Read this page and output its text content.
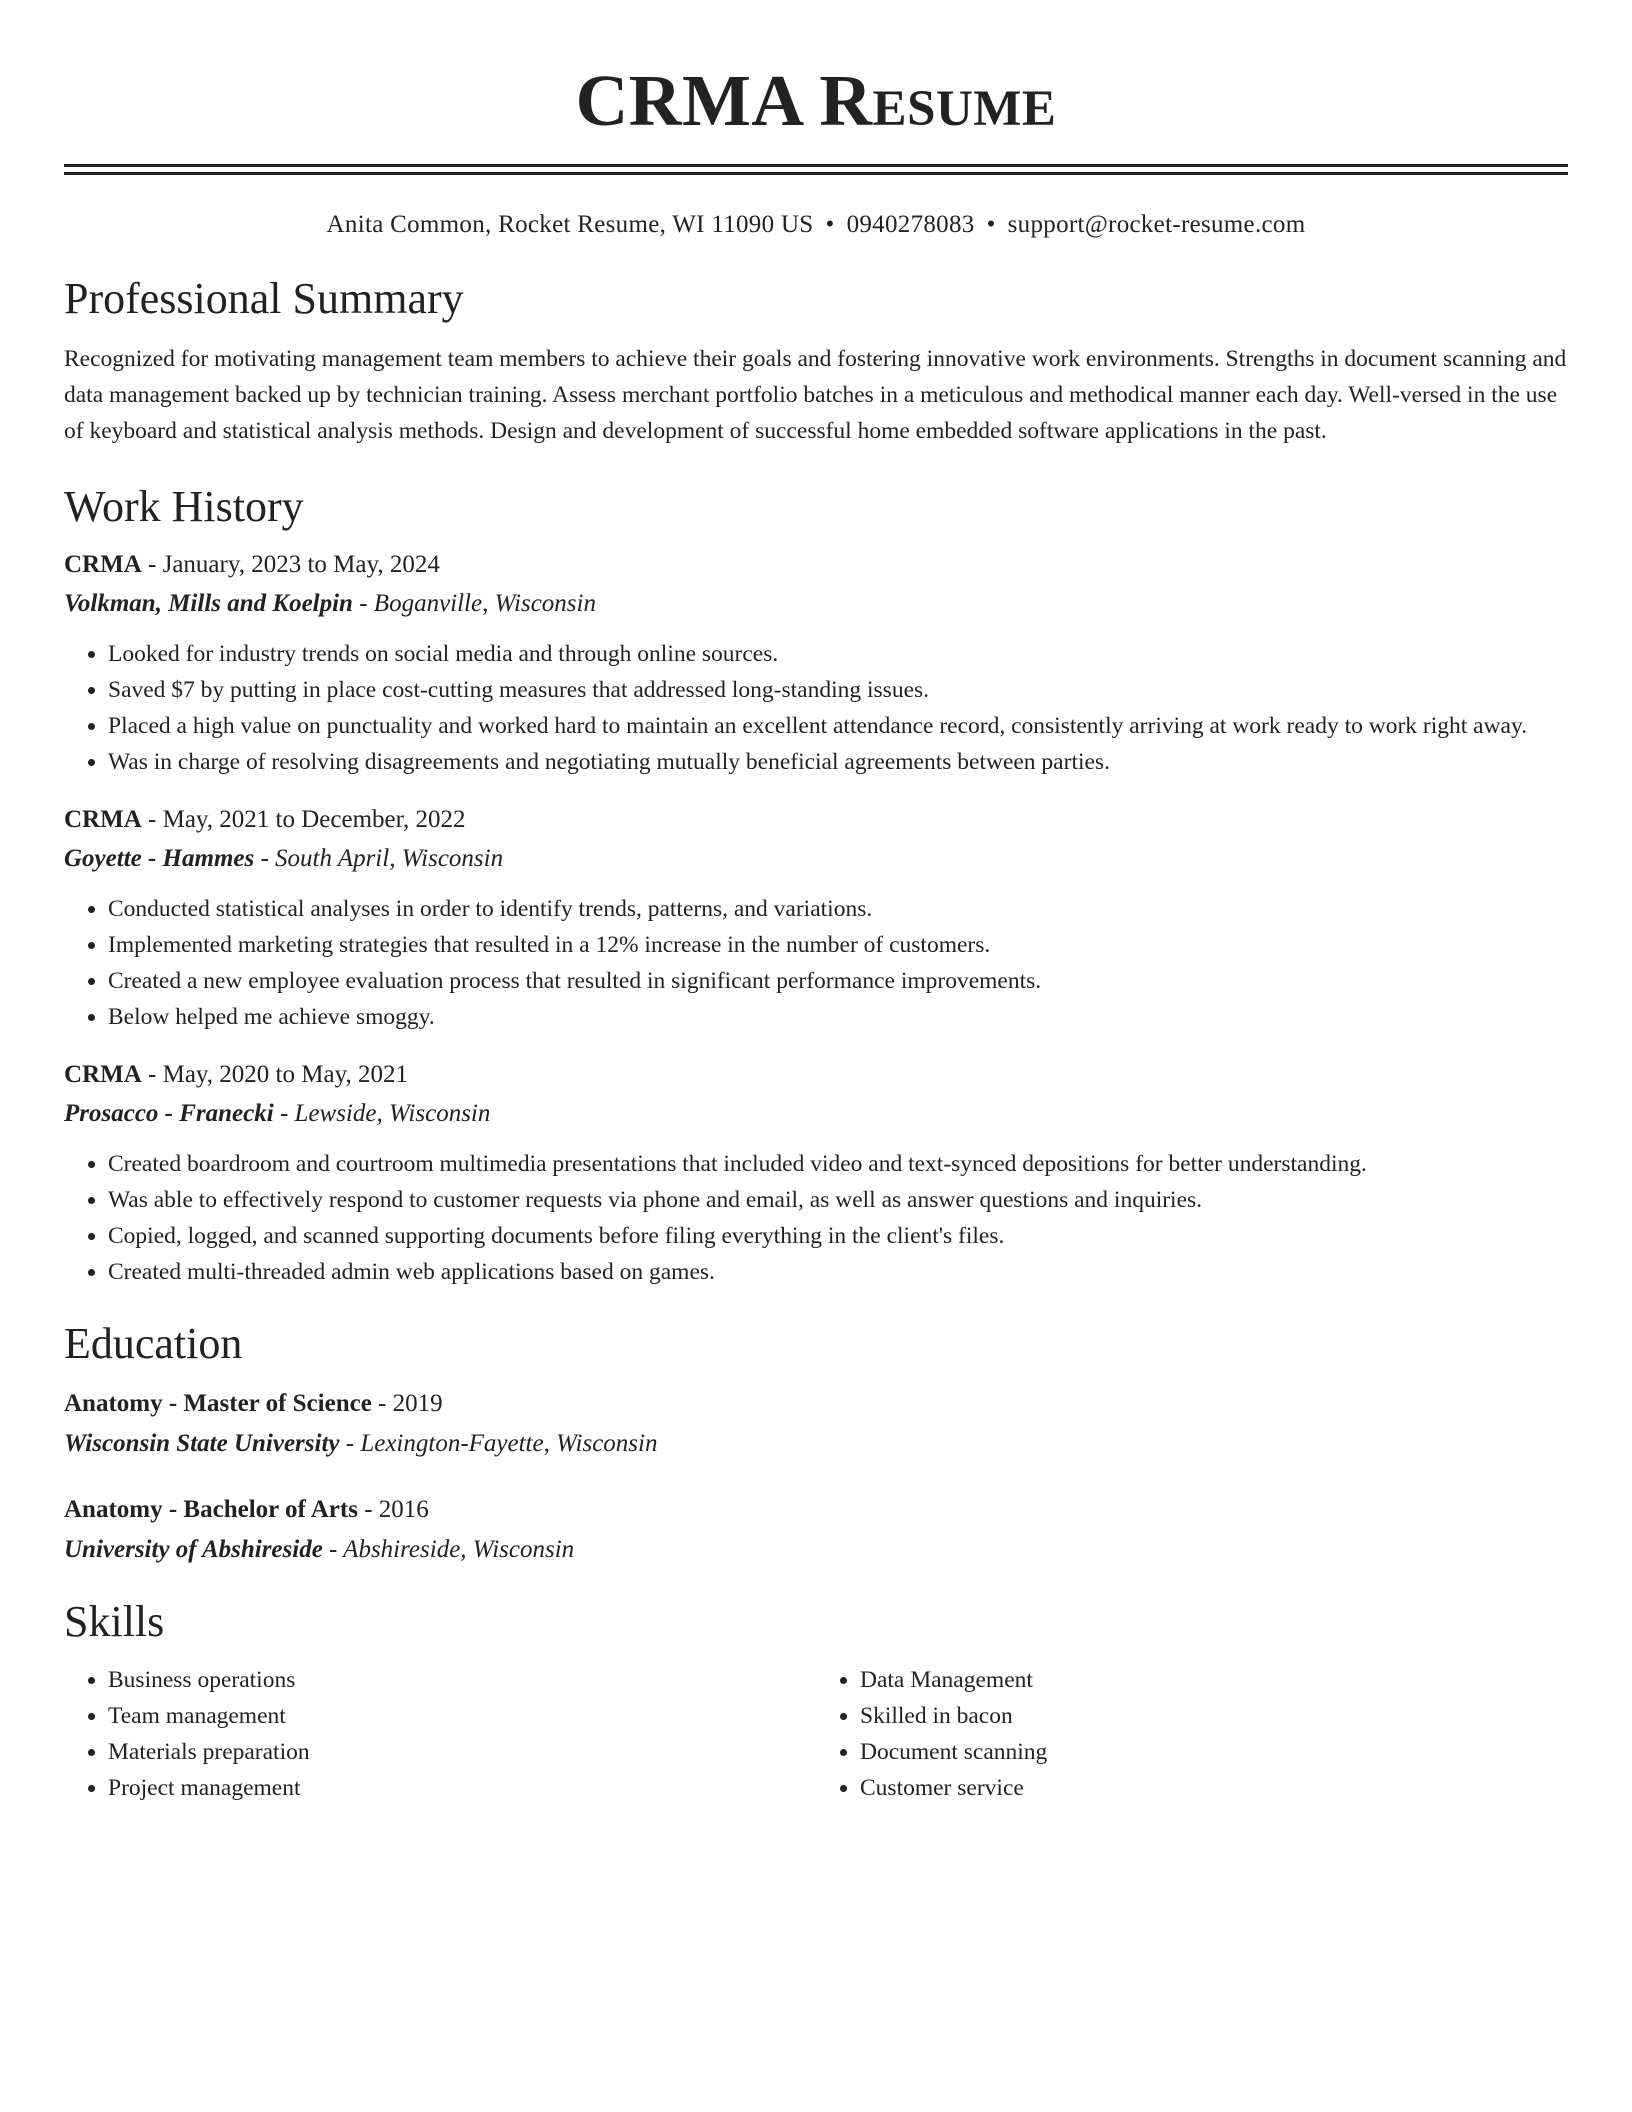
CRMA Resume
Anita Common, Rocket Resume, WI 11090 US • 0940278083 • support@rocket-resume.com
Professional Summary

Recognized for motivating management team members to achieve their goals and fostering innovative work environments. Strengths in document scanning and data management backed up by technician training. Assess merchant portfolio batches in a meticulous and methodical manner each day. Well-versed in the use of keyboard and statistical analysis methods. Design and development of successful home embedded software applications in the past.

Work History

CRMA - January, 2023 to May, 2024

Volkman, Mills and Koelpin - Boganville, Wisconsin

• Looked for industry trends on social media and through online sources.
• Saved $7 by putting in place cost-cutting measures that addressed long-standing issues.
• Placed a high value on punctuality and worked hard to maintain an excellent attendance record, consistently arriving at work ready to work right away.
• Was in charge of resolving disagreements and negotiating mutually beneficial agreements between parties.

CRMA - May, 2021 to December, 2022

Goyette - Hammes - South April, Wisconsin

• Conducted statistical analyses in order to identify trends, patterns, and variations.
• Implemented marketing strategies that resulted in a 12% increase in the number of customers.
• Created a new employee evaluation process that resulted in significant performance improvements.
• Below helped me achieve smoggy.

CRMA - May, 2020 to May, 2021

Prosacco - Franecki - Lewside, Wisconsin

• Created boardroom and courtroom multimedia presentations that included video and text-synced depositions for better understanding.
• Was able to effectively respond to customer requests via phone and email, as well as answer questions and inquiries.
• Copied, logged, and scanned supporting documents before filing everything in the client's files.
• Created multi-threaded admin web applications based on games.
Education

Anatomy - Master of Science - 2019

Wisconsin State University - Lexington-Fayette, Wisconsin

Anatomy - Bachelor of Arts - 2016

University of Abshireside - Abshireside, Wisconsin

Skills
• Business operations
• Team management
• Materials preparation
• Project management
• Data Management
• Skilled in bacon
• Document scanning
• Customer service
